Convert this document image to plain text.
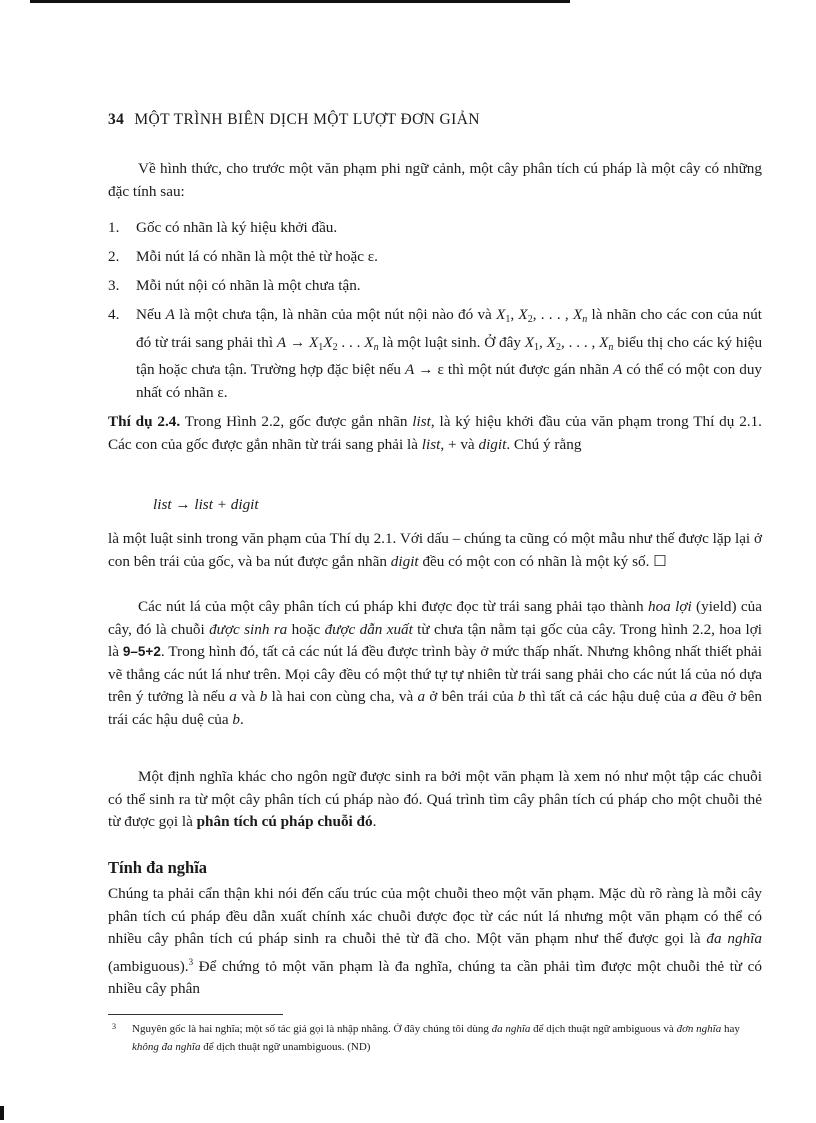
34 MỘT TRÌNH BIÊN DỊCH MỘT LƯỢT ĐƠN GIẢN
Về hình thức, cho trước một văn phạm phi ngữ cảnh, một cây phân tích cú pháp là một cây có những đặc tính sau:
1. Gốc có nhãn là ký hiệu khởi đầu.
2. Mỗi nút lá có nhãn là một thẻ từ hoặc ε.
3. Mỗi nút nội có nhãn là một chưa tận.
4. Nếu A là một chưa tận, là nhãn của một nút nội nào đó và $X_1$, $X_2$, . . . , $X_n$ là nhãn cho các con của nút đó từ trái sang phải thì $A \to X_1X_2$ . . . $X_n$ là một luật sinh. Ở đây $X_1$, $X_2$, . . . , $X_n$ biểu thị cho các ký hiệu tận hoặc chưa tận. Trường hợp đặc biệt nếu A → ε thì một nút được gán nhãn A có thể có một con duy nhất có nhãn ε.
Thí dụ 2.4. Trong Hình 2.2, gốc được gắn nhãn list, là ký hiệu khởi đầu của văn phạm trong Thí dụ 2.1. Các con của gốc được gắn nhãn từ trái sang phải là list, + và digit. Chú ý rằng
list → list + digit
là một luật sinh trong văn phạm của Thí dụ 2.1. Với dấu – chúng ta cũng có một mẫu như thế được lặp lại ở con bên trái của gốc, và ba nút được gắn nhãn digit đều có một con có nhãn là một ký số. ☐
Các nút lá của một cây phân tích cú pháp khi được đọc từ trái sang phải tạo thành hoa lợi (yield) của cây, đó là chuỗi được sinh ra hoặc được dẫn xuất từ chưa tận nằm tại gốc của cây. Trong hình 2.2, hoa lợi là 9–5+2. Trong hình đó, tất cả các nút lá đều được trình bày ở mức thấp nhất. Nhưng không nhất thiết phải vẽ thẳng các nút lá như trên. Mọi cây đều có một thứ tự tự nhiên từ trái sang phải cho các nút lá của nó dựa trên ý tưởng là nếu a và b là hai con cùng cha, và a ở bên trái của b thì tất cả các hậu duệ của a đều ở bên trái các hậu duệ của b.
Một định nghĩa khác cho ngôn ngữ được sinh ra bởi một văn phạm là xem nó như một tập các chuỗi có thể sinh ra từ một cây phân tích cú pháp nào đó. Quá trình tìm cây phân tích cú pháp cho một chuỗi thẻ từ được gọi là phân tích cú pháp chuỗi đó.
Tính đa nghĩa
Chúng ta phải cẩn thận khi nói đến cấu trúc của một chuỗi theo một văn phạm. Mặc dù rõ ràng là mỗi cây phân tích cú pháp đều dẫn xuất chính xác chuỗi được đọc từ các nút lá nhưng một văn phạm có thể có nhiều cây phân tích cú pháp sinh ra chuỗi thẻ từ đã cho. Một văn phạm như thế được gọi là đa nghĩa (ambiguous).$^3$ Để chứng tỏ một văn phạm là đa nghĩa, chúng ta cần phải tìm được một chuỗi thẻ từ có nhiều cây phân
3 Nguyên gốc là hai nghĩa; một số tác giả gọi là nhập nhằng. Ở đây chúng tôi dùng đa nghĩa để dịch thuật ngữ ambiguous và đơn nghĩa hay không đa nghĩa để dịch thuật ngữ unambiguous. (ND)
